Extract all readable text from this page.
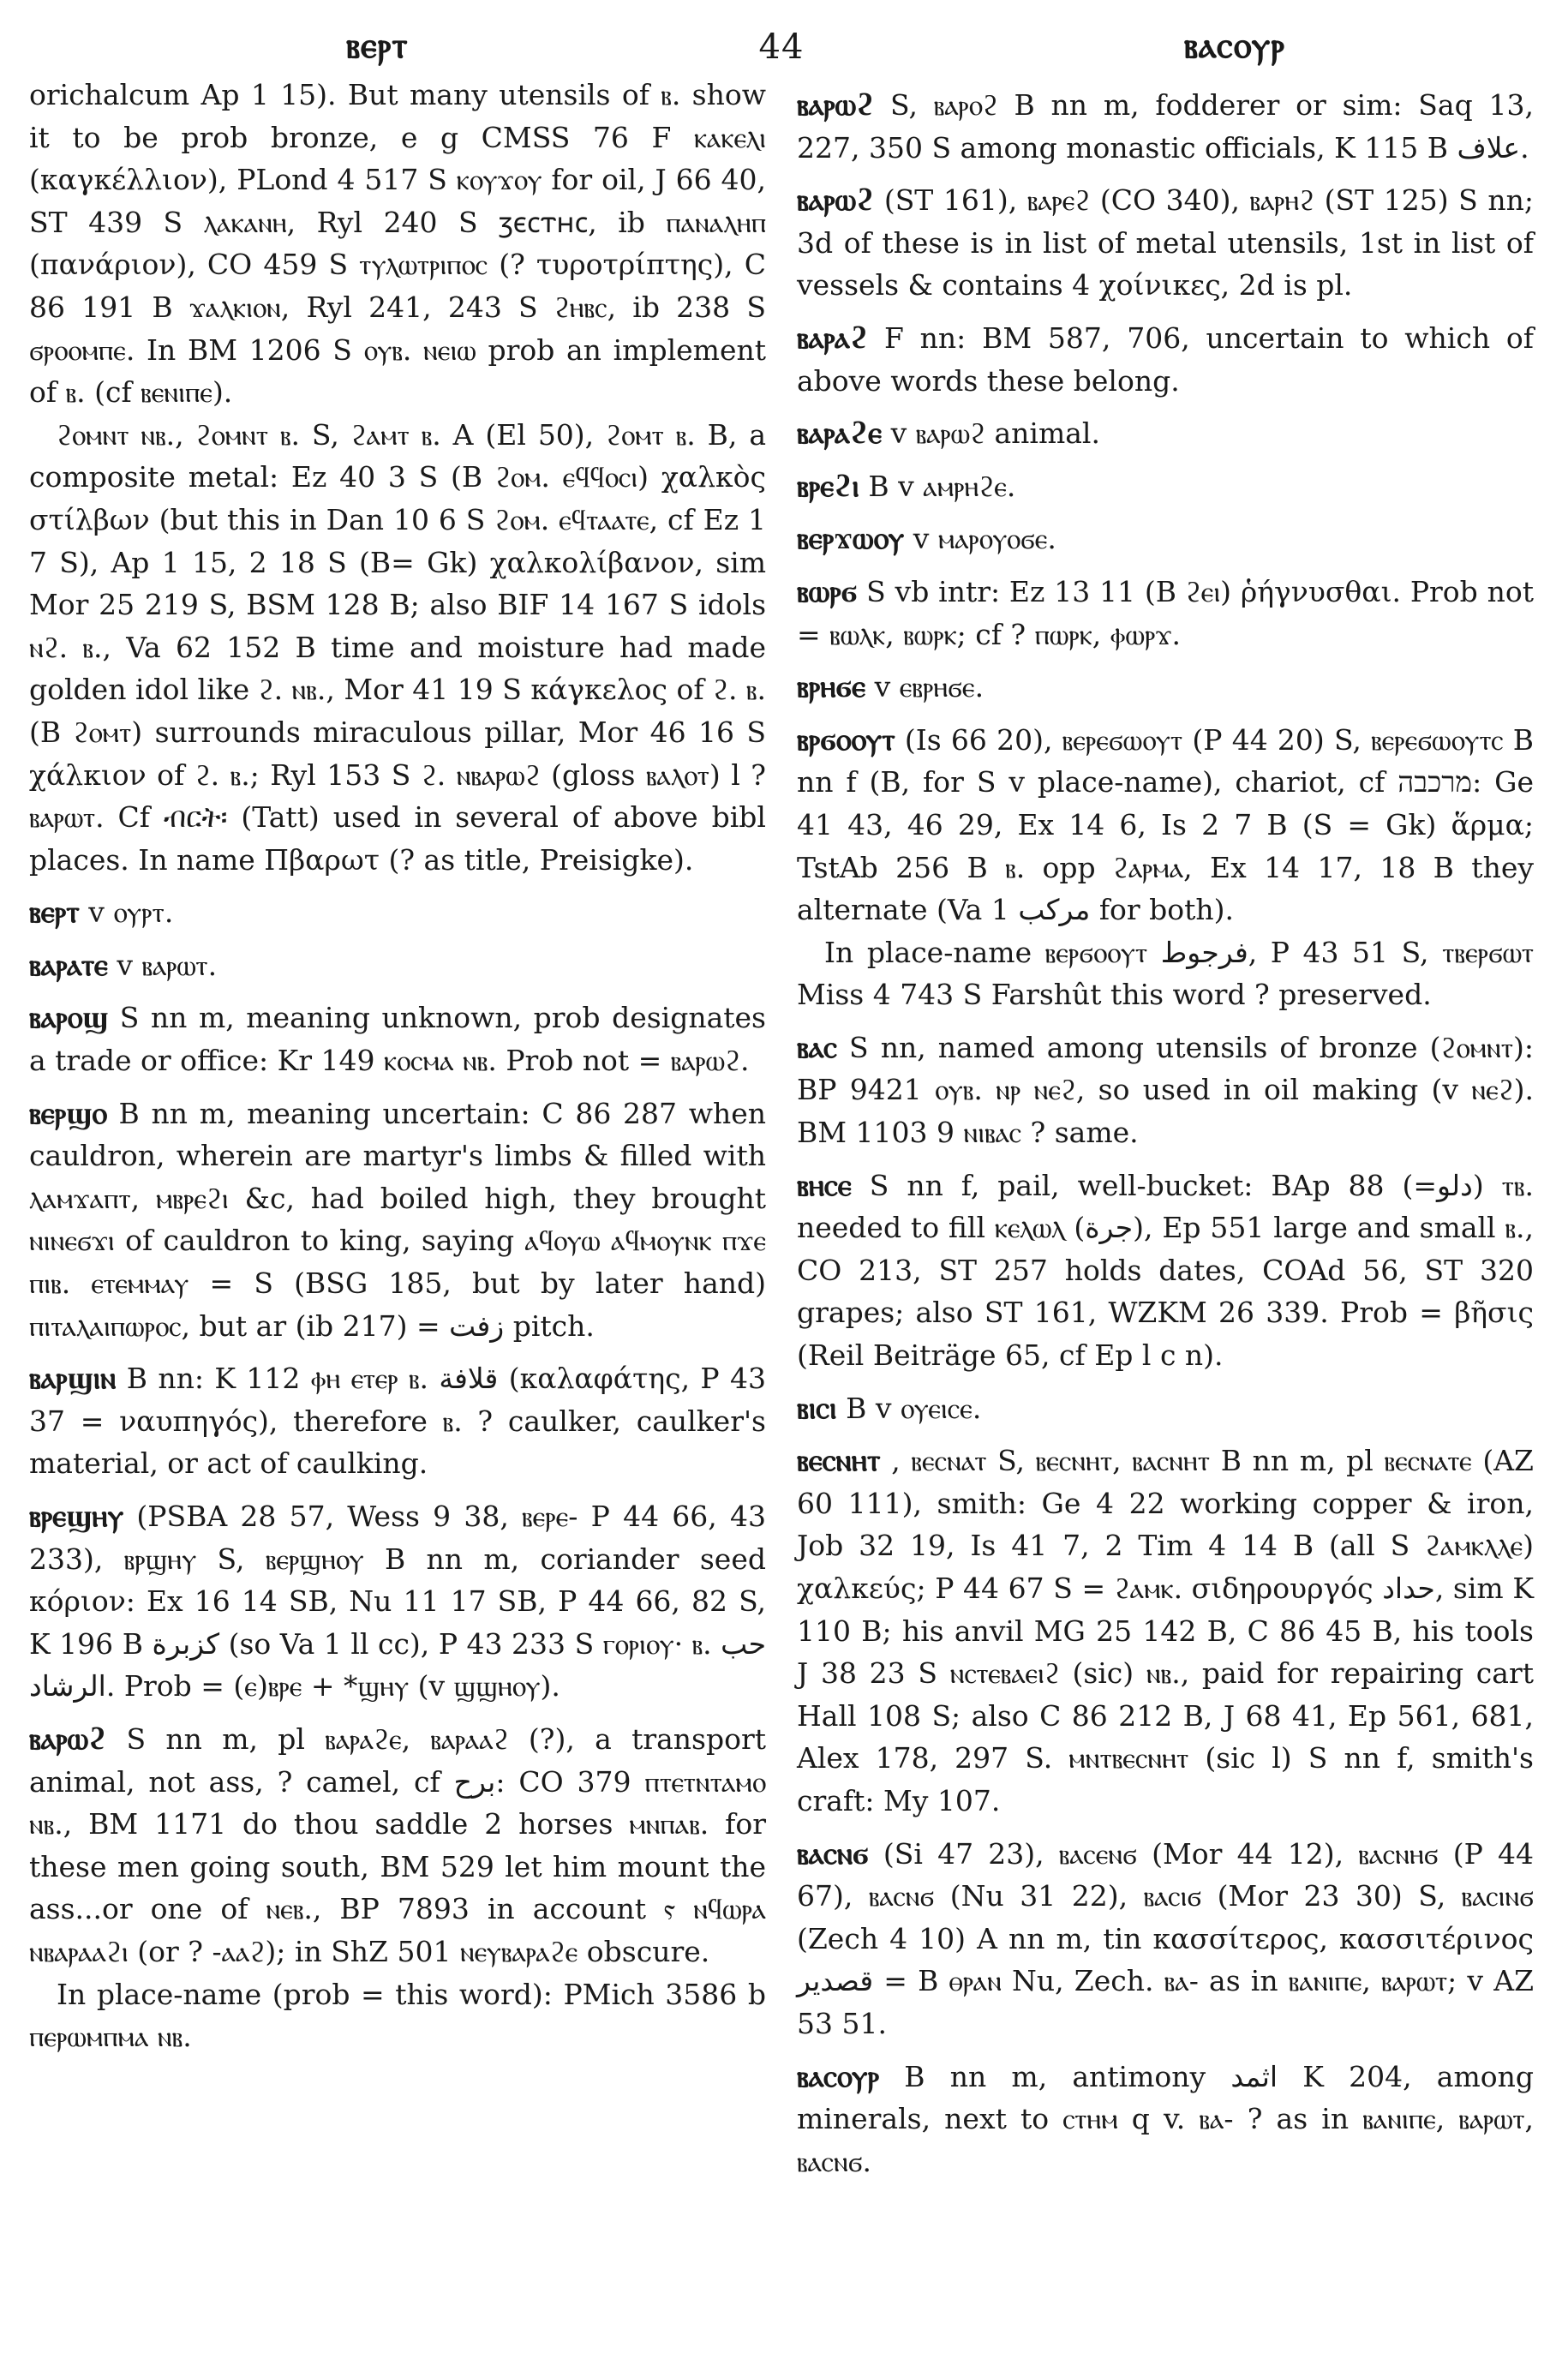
ⲃⲉⲣⲧ	44	ⲃⲁⲥⲟⲩⲣ

orichalcum Ap 1 15). But many utensils of ⲃ. show it to be prob bronze, e g CMSS 76 F ⲕⲁⲕⲉⲗⲓ (καγκέλλιον), PLond 4 517 S ⲕⲟⲩϫⲟⲩ for oil, J 66 40, ST 439 S ⲗⲁⲕⲁⲛⲏ, Ryl 240 S ⳅⲉⲥⲧⲏⲥ, ib ⲡⲁⲛⲁⲗⲏⲡ (πανάριον), CO 459 S ⲧⲩⲗⲱⲧⲣⲓⲡⲟⲥ (? τυροτρίπτης), C 86 191 B ϫⲁⲗⲕⲓⲟⲛ, Ryl 241, 243 S ϩⲏⲃⲥ, ib 238 S ϭⲣⲟⲟⲙⲡⲉ. In BM 1206 S ⲟⲩⲃ. ⲛⲉⲓⲱ prob an implement of ⲃ. (cf ⲃⲉⲛⲓⲡⲉ).

ϩⲟⲙⲛⲧ ⲛⲃ., ϩⲟⲙⲛⲧ ⲃ. S, ϩⲁⲙⲧ ⲃ. A (El 50), ϩⲟⲙⲧ ⲃ. B, a composite metal: Ez 40 3 S (B ϩⲟⲙ. ⲉϥϥⲟⲥⲓ) χαλκὸς στίλβων (but this in Dan 10 6 S ϩⲟⲙ. ⲉϥⲧⲁⲁⲧⲉ, cf Ez 1 7 S), Ap 1 15, 2 18 S (B= Gk) χαλκολίβανον, sim Mor 25 219 S, BSM 128 B; also BIF 14 167 S idols ⲛϩ. ⲃ., Va 62 152 B time and moisture had made golden idol like ϩ. ⲛⲃ., Mor 41 19 S κάγκελος of ϩ. ⲃ. (B ϩⲟⲙⲧ) surrounds miraculous pillar, Mor 46 16 S χάλκιον of ϩ. ⲃ.; Ryl 153 S ϩ. ⲛⲃⲁⲣⲱϩ (gloss ⲃⲁⲗⲟⲧ) l ? ⲃⲁⲣⲱⲧ. Cf ብርት፡ (Tatt) used in several of above bibl places. In name Πβαρωτ (? as title, Preisigke).

ⲃⲉⲣⲧ v ⲟⲩⲣⲧ.

ⲃⲁⲣⲁⲧⲉ v ⲃⲁⲣⲱⲧ.

ⲃⲁⲣⲟϣ S nn m, meaning unknown, prob designates a trade or office: Kr 149 ⲕⲟⲥⲙⲁ ⲛⲃ. Prob not = ⲃⲁⲣⲱϩ.

ⲃⲉⲣϣⲟ B nn m, meaning uncertain: C 86 287 when cauldron, wherein are martyr's limbs & filled with ⲗⲁⲙϫⲁⲡⲧ, ⲙⲃⲣⲉϩⲓ &c, had boiled high, they brought ⲛⲓⲛⲉϭϫⲓ of cauldron to king, saying ⲁϥⲟⲩⲱ ⲁϥⲙⲟⲩⲛⲕ ⲡϫⲉ ⲡⲓⲃ. ⲉⲧⲉⲙⲙⲁⲩ = S (BSG 185, but by later hand) ⲡⲓⲧⲁⲗⲁⲓⲡⲱⲣⲟⲥ, but ar (ib 217) = زفت pitch.

ⲃⲁⲣϣⲓⲛ B nn: K 112 ⲫⲏ ⲉⲧⲉⲣ ⲃ. قلافة (καλαφάτης, P 43 37 = ναυπηγός), therefore ⲃ. ? caulker, caulker's material, or act of caulking.

ⲃⲣⲉϣⲏⲩ (PSBA 28 57, Wess 9 38, ⲃⲉⲣⲉ- P 44 66, 43 233), ⲃⲣϣⲏⲩ S, ⲃⲉⲣϣⲏⲟⲩ B nn m, coriander seed κόριον: Ex 16 14 SB, Nu 11 17 SB, P 44 66, 82 S, K 196 B كزبرة (so Va 1 ll cc), P 43 233 S ⲅⲟⲣⲓⲟⲩ· ⲃ. حب الرشاد. Prob = (ⲉ)ⲃⲣⲉ + *ϣⲏⲩ (v ϣϣⲏⲟⲩ).

ⲃⲁⲣⲱϩ S nn m, pl ⲃⲁⲣⲁϩⲉ, ⲃⲁⲣⲁⲁϩ (?), a transport animal, not ass, ? camel, cf برح: CO 379 ⲡⲧⲉⲧⲛⲧⲁⲙⲟ ⲛⲃ., BM 1171 do thou saddle 2 horses ⲙⲛⲡⲁⲃ. for these men going south, BM 529 let him mount the ass...or one of ⲛⲉⲃ., BP 7893 in account ⲋ ⲛϥⲱⲣⲁ ⲛⲃⲁⲣⲁⲁϩⲓ (or ? -ⲁⲁϩ); in ShZ 501 ⲛⲉⲩⲃⲁⲣⲁϩⲉ obscure.

In place-name (prob = this word): PMich 3586 b ⲡⲉⲣⲱⲙⲡⲙⲁ ⲛⲃ.

ⲃⲁⲣⲱϩ S, ⲃⲁⲣⲟϩ B nn m, fodderer or sim: Saq 13, 227, 350 S among monastic officials, K 115 B علاف.

ⲃⲁⲣⲱϩ (ST 161), ⲃⲁⲣⲉϩ (CO 340), ⲃⲁⲣⲏϩ (ST 125) S nn; 3d of these is in list of metal utensils, 1st in list of vessels & contains 4 χοίνικες, 2d is pl.

ⲃⲁⲣⲁϩ F nn: BM 587, 706, uncertain to which of above words these belong.

ⲃⲁⲣⲁϩⲉ v ⲃⲁⲣⲱϩ animal.

ⲃⲣⲉϩⲓ B v ⲁⲙⲣⲏϩⲉ.

ⲃⲉⲣϫⲱⲟⲩ v ⲙⲁⲣⲟⲩⲟϭⲉ.

ⲃⲱⲣϭ S vb intr: Ez 13 11 (B ϩⲉⲓ) ῥήγνυσθαι. Prob not = ⲃⲱⲗⲕ, ⲃⲱⲣⲕ; cf ? ⲡⲱⲣⲕ, ⲫⲱⲣϫ.

ⲃⲣⲏϭⲉ v ⲉⲃⲣⲏϭⲉ.

ⲃⲣϭⲟⲟⲩⲧ (Is 66 20), ⲃⲉⲣⲉϭⲱⲟⲩⲧ (P 44 20) S, ⲃⲉⲣⲉϭⲱⲟⲩⲧⲥ B nn f (B, for S v place-name), chariot, cf מרכבה: Ge 41 43, 46 29, Ex 14 6, Is 2 7 B (S = Gk) ἅρμα; TstAb 256 B ⲃ. opp ϩⲁⲣⲙⲁ, Ex 14 17, 18 B they alternate (Va 1 مركب for both).

In place-name ⲃⲉⲣϭⲟⲟⲩⲧ فرجوط, P 43 51 S, ⲧⲃⲉⲣϭⲱⲧ Miss 4 743 S Farshût this word ? preserved.

ⲃⲁⲥ S nn, named among utensils of bronze (ϩⲟⲙⲛⲧ): BP 9421 ⲟⲩⲃ. ⲛⲣ ⲛⲉϩ, so used in oil making (v ⲛⲉϩ). BM 1103 9 ⲛⲓⲃⲁⲥ ? same.

ⲃⲏⲥⲉ S nn f, pail, well-bucket: BAp 88 (=دلو) ⲧⲃ. needed to fill ⲕⲉⲗⲱⲗ (جرة), Ep 551 large and small ⲃ., CO 213, ST 257 holds dates, COAd 56, ST 320 grapes; also ST 161, WZKM 26 339. Prob = βῆσις (Reil Beiträge 65, cf Ep l c n).

ⲃⲓⲥⲓ B v ⲟⲩⲉⲓⲥⲉ.

ⲃⲉⲥⲛⲏⲧ , ⲃⲉⲥⲛⲁⲧ S, ⲃⲉⲥⲛⲏⲧ, ⲃⲁⲥⲛⲏⲧ B nn m, pl ⲃⲉⲥⲛⲁⲧⲉ (AZ 60 111), smith: Ge 4 22 working copper & iron, Job 32 19, Is 41 7, 2 Tim 4 14 B (all S ϩⲁⲙⲕⲗⲗⲉ) χαλκεύς; P 44 67 S = ϩⲁⲙⲕ. σιδηρουργός حداد, sim K 110 B; his anvil MG 25 142 B, C 86 45 B, his tools J 38 23 S ⲛⲥⲧⲉⲃⲁⲉⲓϩ (sic) ⲛⲃ., paid for repairing cart Hall 108 S; also C 86 212 B, J 68 41, Ep 561, 681, Alex 178, 297 S. ⲙⲛⲧⲃⲉⲥⲛⲏⲧ (sic l) S nn f, smith's craft: My 107.

ⲃⲁⲥⲛϭ (Si 47 23), ⲃⲁⲥⲉⲛϭ (Mor 44 12), ⲃⲁⲥⲛⲏϭ (P 44 67), ⲃⲁⲥⲛϭ (Nu 31 22), ⲃⲁⲥⲓϭ (Mor 23 30) S, ⲃⲁⲥⲓⲛϭ (Zech 4 10) A nn m, tin κασσίτερος, κασσιτέρινος قصدير = B ⲑⲣⲁⲛ Nu, Zech. ⲃⲁ- as in ⲃⲁⲛⲓⲡⲉ, ⲃⲁⲣⲱⲧ; v AZ 53 51.

ⲃⲁⲥⲟⲩⲣ B nn m, antimony اثمد K 204, among minerals, next to ⲥⲧⲏⲙ q v. ⲃⲁ- ? as in ⲃⲁⲛⲓⲡⲉ, ⲃⲁⲣⲱⲧ, ⲃⲁⲥⲛϭ.
